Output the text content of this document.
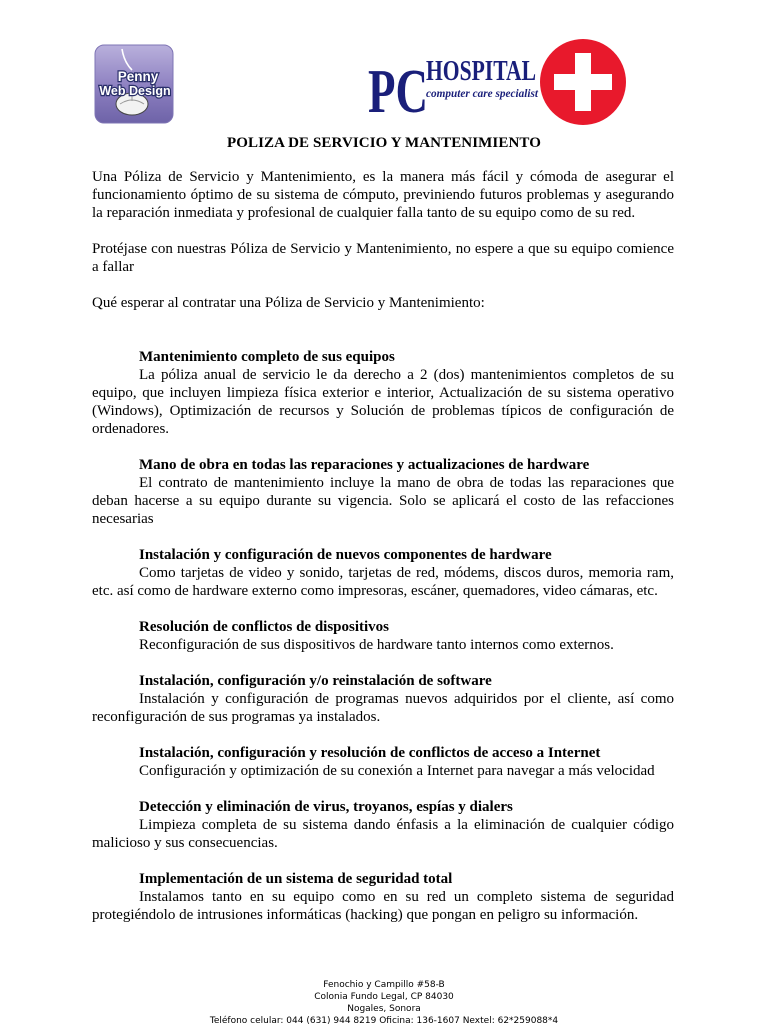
Penny
Web Design	PC
HOSPITAL
computer care specialist
POLIZA DE SERVICIO Y MANTENIMIENTO

Una Póliza de Servicio y Mantenimiento, es la manera más fácil y cómoda de asegurar el funcionamiento óptimo de su sistema de cómputo, previniendo futuros problemas y asegurando la reparación inmediata y profesional de cualquier falla tanto de su equipo como de su red.

Protéjase con nuestras Póliza de Servicio y Mantenimiento, no espere a que su equipo comience a fallar

Qué esperar al contratar una Póliza de Servicio y Mantenimiento:

Mantenimiento completo de sus equipos

La póliza anual de servicio le da derecho a 2 (dos) mantenimientos completos de su equipo, que incluyen limpieza física exterior e interior, Actualización de su sistema operativo (Windows), Optimización de recursos y Solución de problemas típicos de configuración de ordenadores.

Mano de obra en todas las reparaciones y actualizaciones de hardware

El contrato de mantenimiento incluye la mano de obra de todas las reparaciones que deban hacerse a su equipo durante su vigencia. Solo se aplicará el costo de las refacciones necesarias

Instalación y configuración de nuevos componentes de hardware

Como tarjetas de video y sonido, tarjetas de red, módems, discos duros, memoria ram, etc. así como de hardware externo como impresoras, escáner, quemadores, video cámaras, etc.

Resolución de conflictos de dispositivos

Reconfiguración de sus dispositivos de hardware tanto internos como externos.

Instalación, configuración y/o reinstalación de software

Instalación y configuración de programas nuevos adquiridos por el cliente, así como reconfiguración de sus programas ya instalados.

Instalación, configuración y resolución de conflictos de acceso a Internet

Configuración y optimización de su conexión a Internet para navegar a más velocidad

Detección y eliminación de virus, troyanos, espías y dialers

Limpieza completa de su sistema dando énfasis a la eliminación de cualquier código malicioso y sus consecuencias.

Implementación de un sistema de seguridad total

Instalamos tanto en su equipo como en su red un completo sistema de seguridad protegiéndolo de intrusiones informáticas (hacking) que pongan en peligro su información.

Fenochio y Campillo #58-B
Colonia Fundo Legal, CP 84030
Nogales, Sonora
Teléfono celular: 044 (631) 944 8219 Oficina: 136-1607 Nextel: 62*259088*4
